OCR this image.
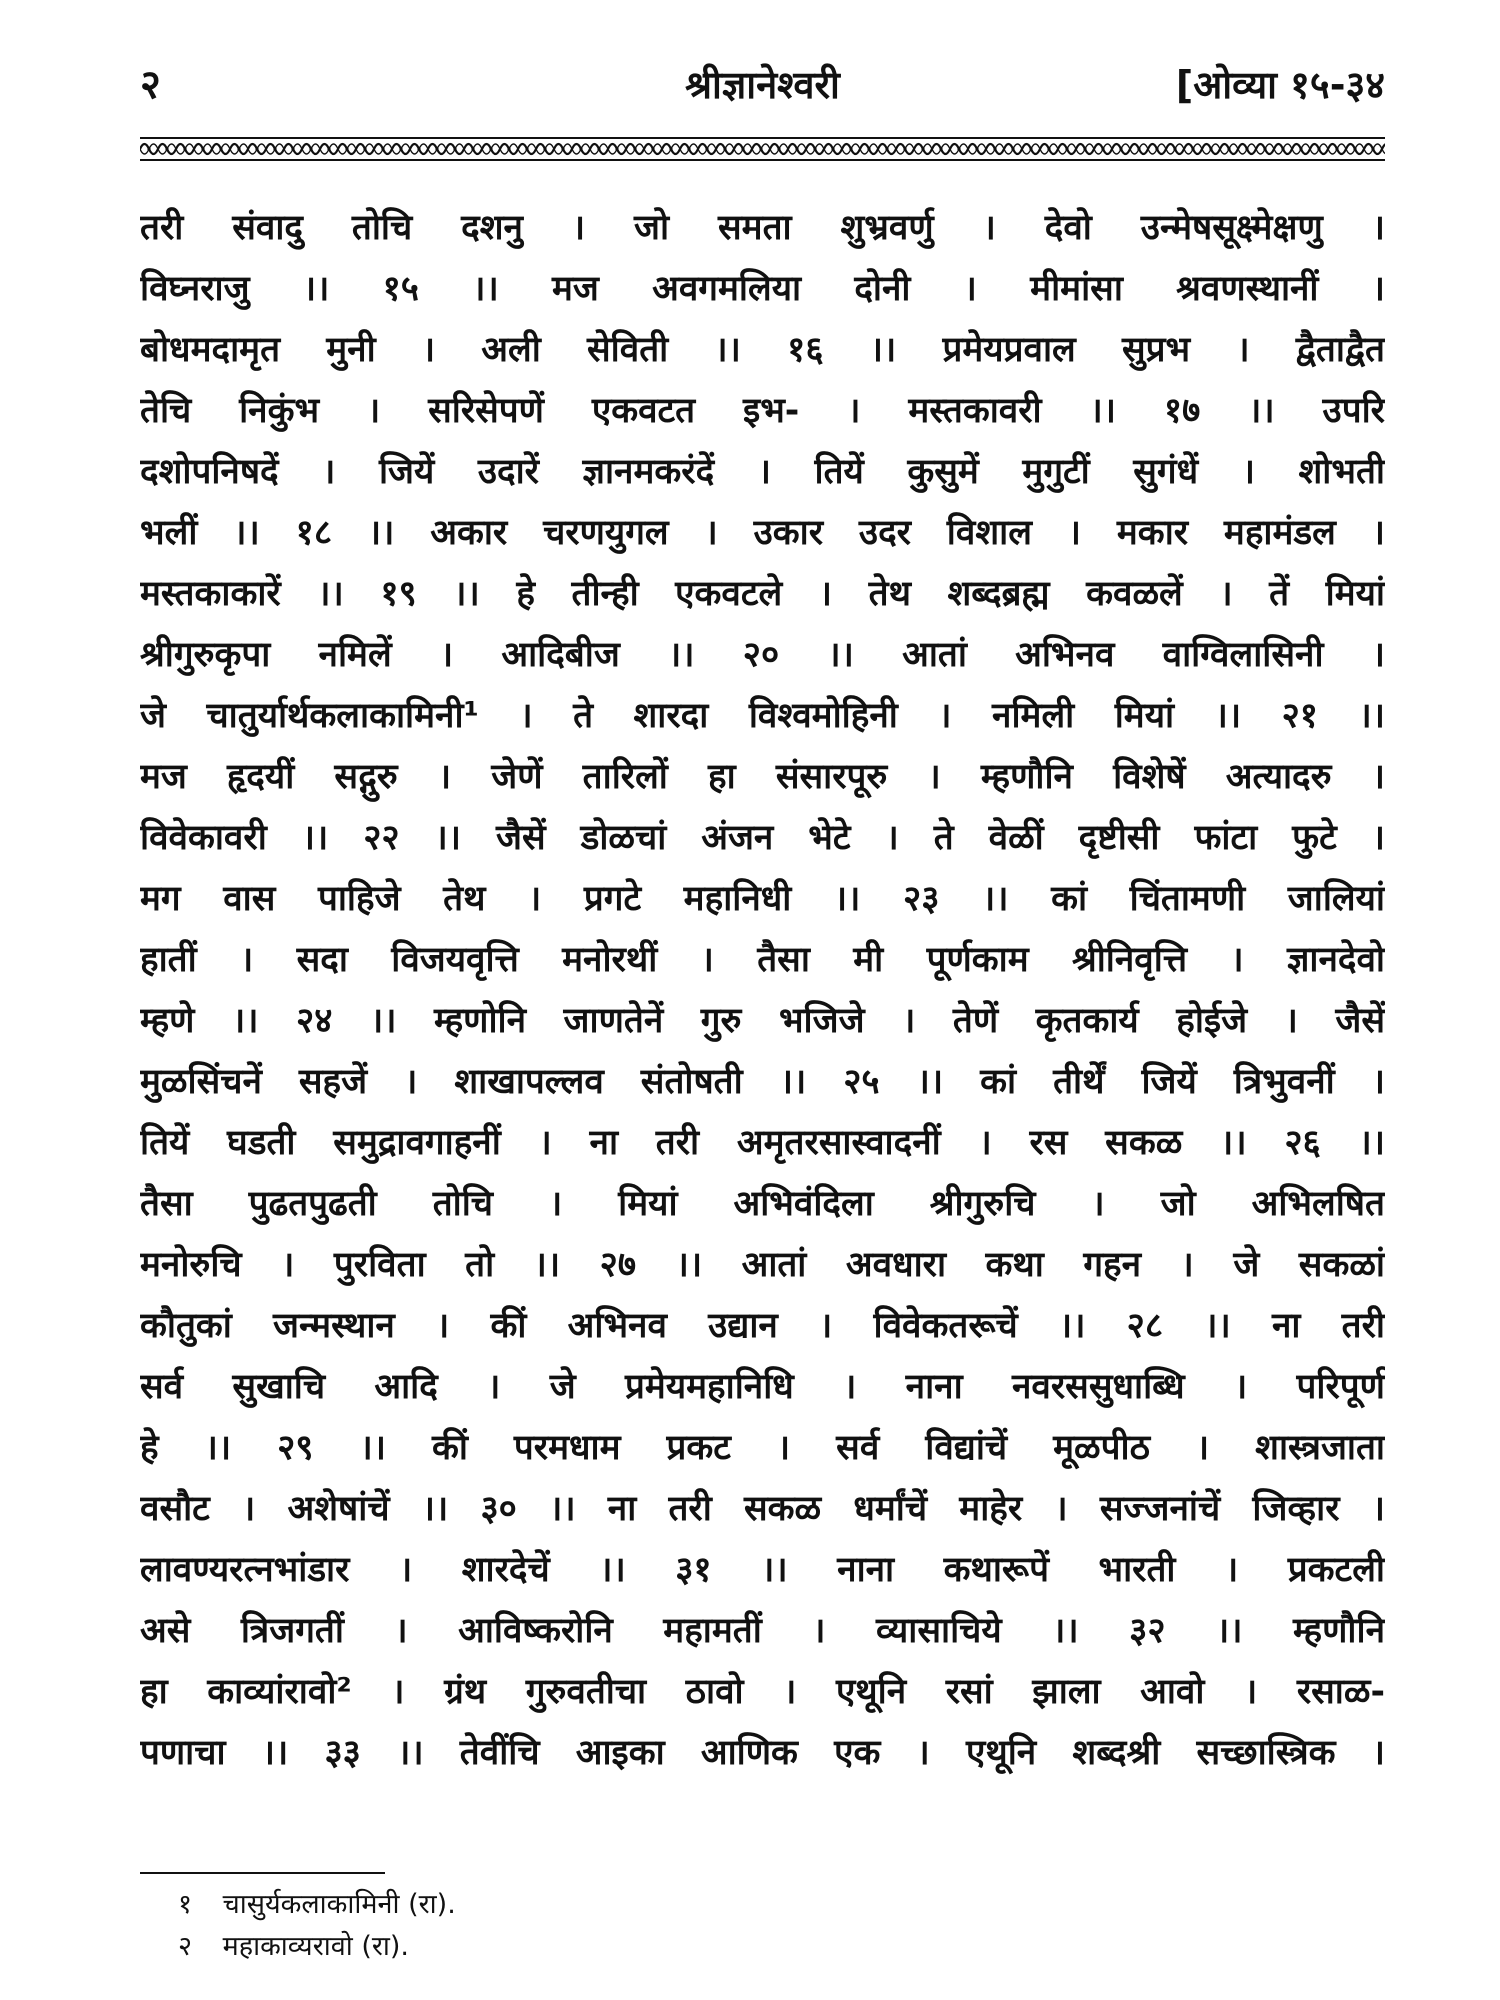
२	श्रीज्ञानेश्वरी	[ओव्या १५-३४
तरी संवादु तोचि दशनु । जो समता शुभ्रवर्णु । देवो उन्मेषसूक्ष्मेक्षणु ।
विघ्नराजु ।। १५ ।। मज अवगमलिया दोनी । मीमांसा श्रवणस्थानीं ।
बोधमदामृत मुनी । अली सेविती ।। १६ ।। प्रमेयप्रवाल सुप्रभ । द्वैताद्वैत
तेचि निकुंभ । सरिसेपणें एकवटत इभ- । मस्तकावरी ।। १७ ।। उपरि
दशोपनिषदें । जियें उदारें ज्ञानमकरंदें । तियें कुसुमें मुगुटीं सुगंधें । शोभती
भलीं ।। १८ ।। अकार चरणयुगल । उकार उदर विशाल । मकार महामंडल ।
मस्तकाकारें ।। १९ ।। हे तीन्ही एकवटले । तेथ शब्दब्रह्म कवळलें । तें मियां
श्रीगुरुकृपा नमिलें । आदिबीज ।। २० ।। आतां अभिनव वाग्विलासिनी ।
जे चातुर्यार्थकलाकामिनी¹ । ते शारदा विश्वमोहिनी । नमिली मियां ।। २१ ।।
मज हृदयीं सद्गुरु । जेणें तारिलों हा संसारपूरु । म्हणौनि विशेषें अत्यादरु ।
विवेकावरी ।। २२ ।। जैसें डोळचां अंजन भेटे । ते वेळीं दृष्टीसी फांटा फुटे ।
मग वास पाहिजे तेथ । प्रगटे महानिधी ।। २३ ।। कां चिंतामणी जालियां
हातीं । सदा विजयवृत्ति मनोरथीं । तैसा मी पूर्णकाम श्रीनिवृत्ति । ज्ञानदेवो
म्हणे ।। २४ ।। म्हणोनि जाणतेनें गुरु भजिजे । तेणें कृतकार्य होईजे । जैसें
मुळसिंचनें सहजें । शाखापल्लव संतोषती ।। २५ ।। कां तीर्थें जियें त्रिभुवनीं ।
तियें घडती समुद्रावगाहनीं । ना तरी अमृतरसास्वादनीं । रस सकळ ।। २६ ।।
तैसा पुढतपुढती तोचि । मियां अभिवंदिला श्रीगुरुचि । जो अभिलषित
मनोरुचि । पुरविता तो ।। २७ ।। आतां अवधारा कथा गहन । जे सकळां
कौतुकां जन्मस्थान । कीं अभिनव उद्यान । विवेकतरूचें ।। २८ ।। ना तरी
सर्व सुखाचि आदि । जे प्रमेयमहानिधि । नाना नवरससुधाब्धि । परिपूर्ण
हे ।। २९ ।। कीं परमधाम प्रकट । सर्व विद्यांचें मूळपीठ । शास्त्रजाता
वसौट । अशेषांचें ।। ३० ।। ना तरी सकळ धर्मांचें माहेर । सज्जनांचें जिव्हार ।
लावण्यरत्नभांडार । शारदेचें ।। ३१ ।। नाना कथारूपें भारती । प्रकटली
असे त्रिजगतीं । आविष्करोनि महामतीं । व्यासाचिये ।। ३२ ।। म्हणौनि
हा काव्यांरावो² । ग्रंथ गुरुवतीचा ठावो । एथूनि रसां झाला आवो । रसाळ-
पणाचा ।। ३३ ।। तेवींचि आइका आणिक एक । एथूनि शब्दश्री सच्छास्त्रिक ।
१ चासुर्यकलाकामिनी (रा).
२ महाकाव्यरावो (रा).
